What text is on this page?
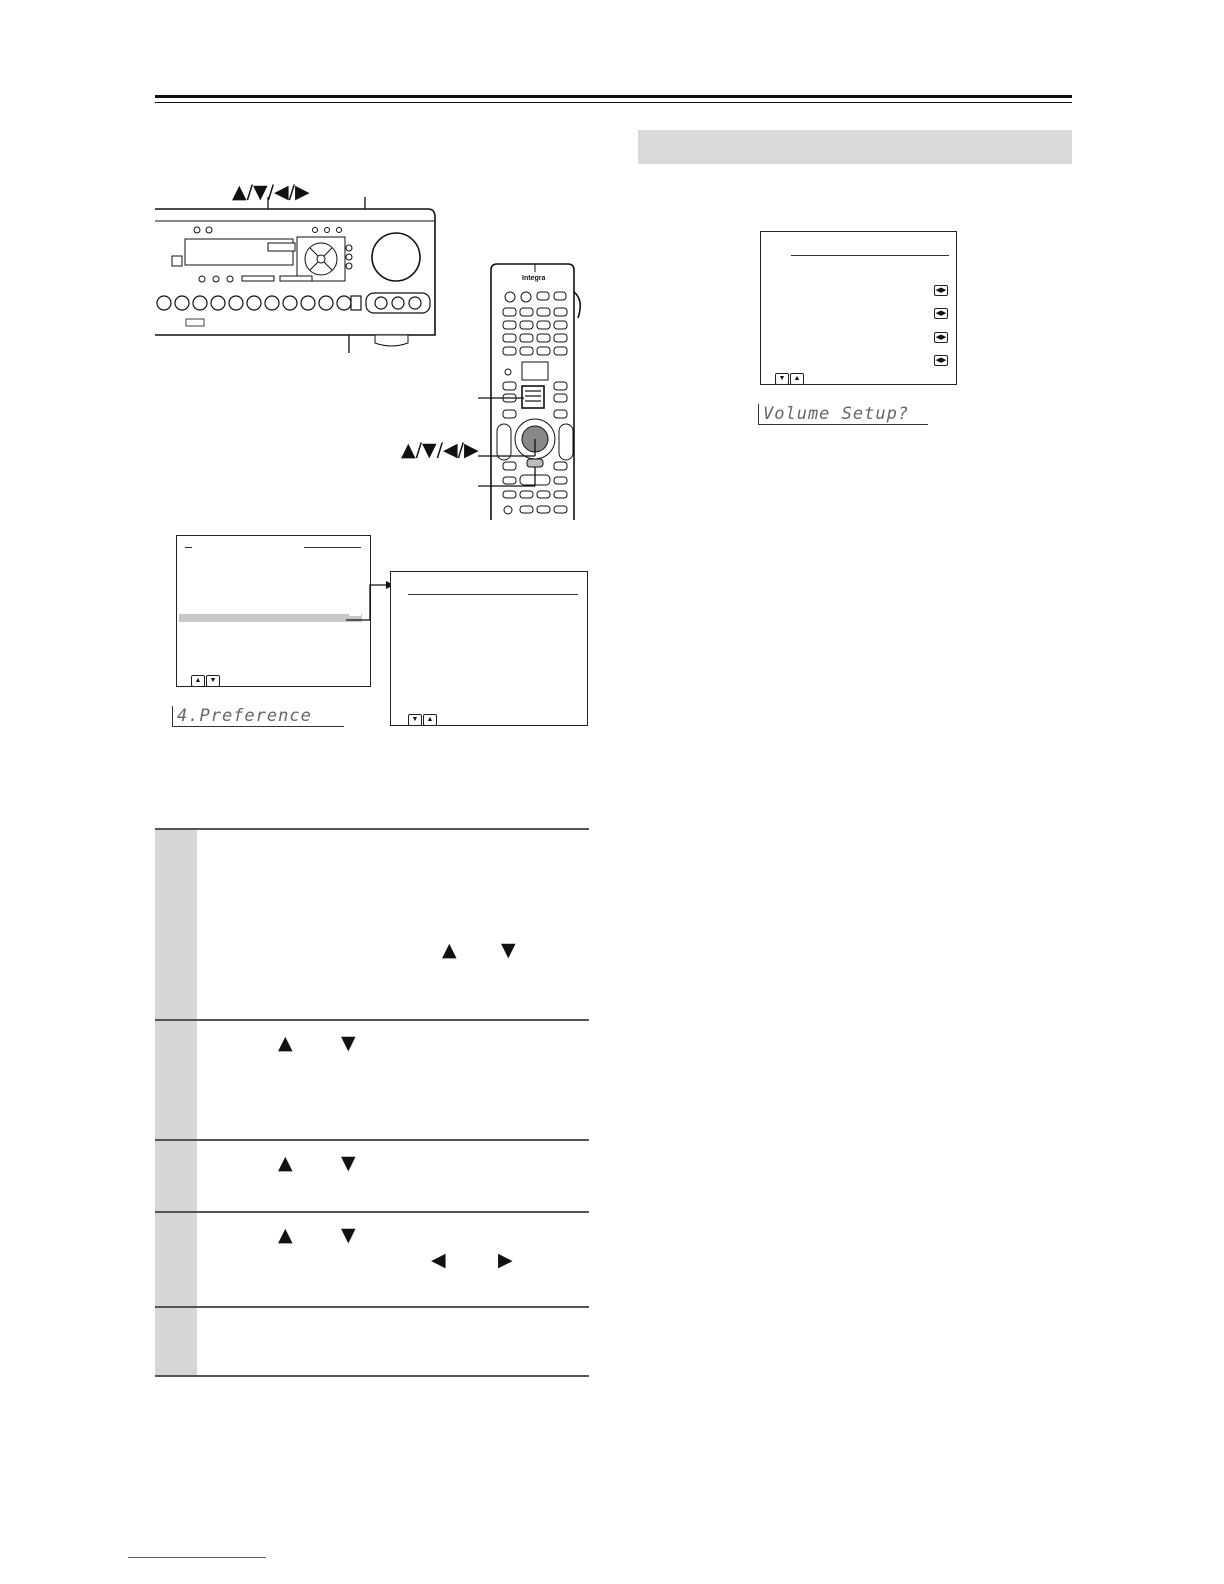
▲/▼/◀/▶
Integra
▲/▼/◀/▶
▲ ▼
▼ ▲
4.Preference
◀▶
◀▶
◀▶
◀▶
▼ ▲
Volume Setup?
▲ ▼
▲	▼
▲	▼
▲	▼
◀	▶
